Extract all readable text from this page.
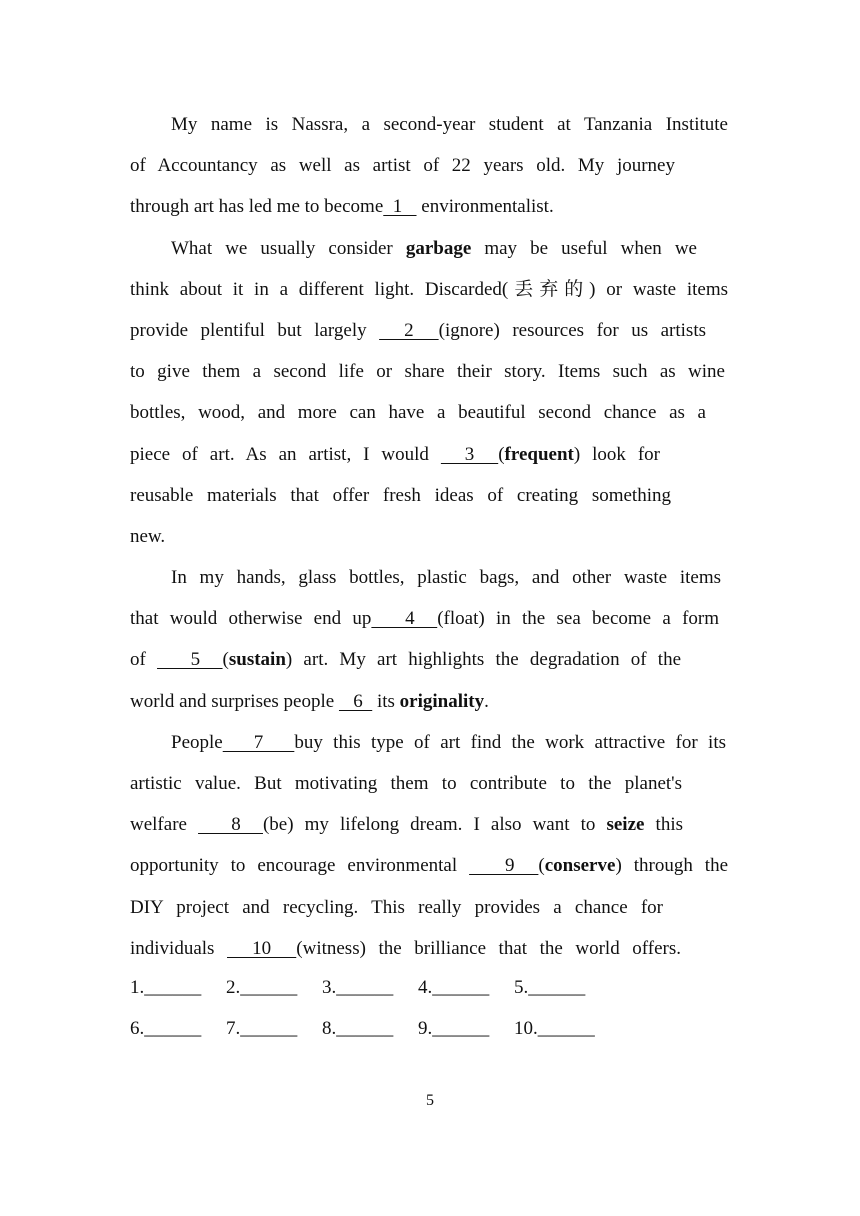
My name is Nassra, a second-year student at Tanzania Institute
of Accountancy as well as artist of 22 years old. My journey
through art has led me to become  1    environmentalist.
What we usually consider garbage may be useful when we
think about it in a different light. Discarded(丢弃的) or waste items
provide plentiful but largely   2  (ignore) resources for us artists
to give them a second life or share their story. Items such as wine
bottles, wood, and more can have a beautiful second chance as a
piece of art. As an artist, I would   3  (frequent) look for
reusable materials that offer fresh ideas of creating something
new.
In my hands, glass bottles, plastic bags, and other waste items
that would otherwise end up   4  (float) in the sea become a form
of    5  (sustain) art. My art highlights the degradation of the
world and surprises people    6   its originality.
People   7   buy this type of art find the work attractive for its
artistic value. But motivating them to contribute to the planet's
welfare    8  (be) my lifelong dream. I also want to seize this
opportunity to encourage environmental    9  (conserve) through the
DIY project and recycling. This really provides a chance for
individuals   10  (witness) the brilliance that the world offers.
1.______ 2.______ 3.______ 4.______ 5.______
6.______ 7.______ 8.______ 9.______ 10.______
5
